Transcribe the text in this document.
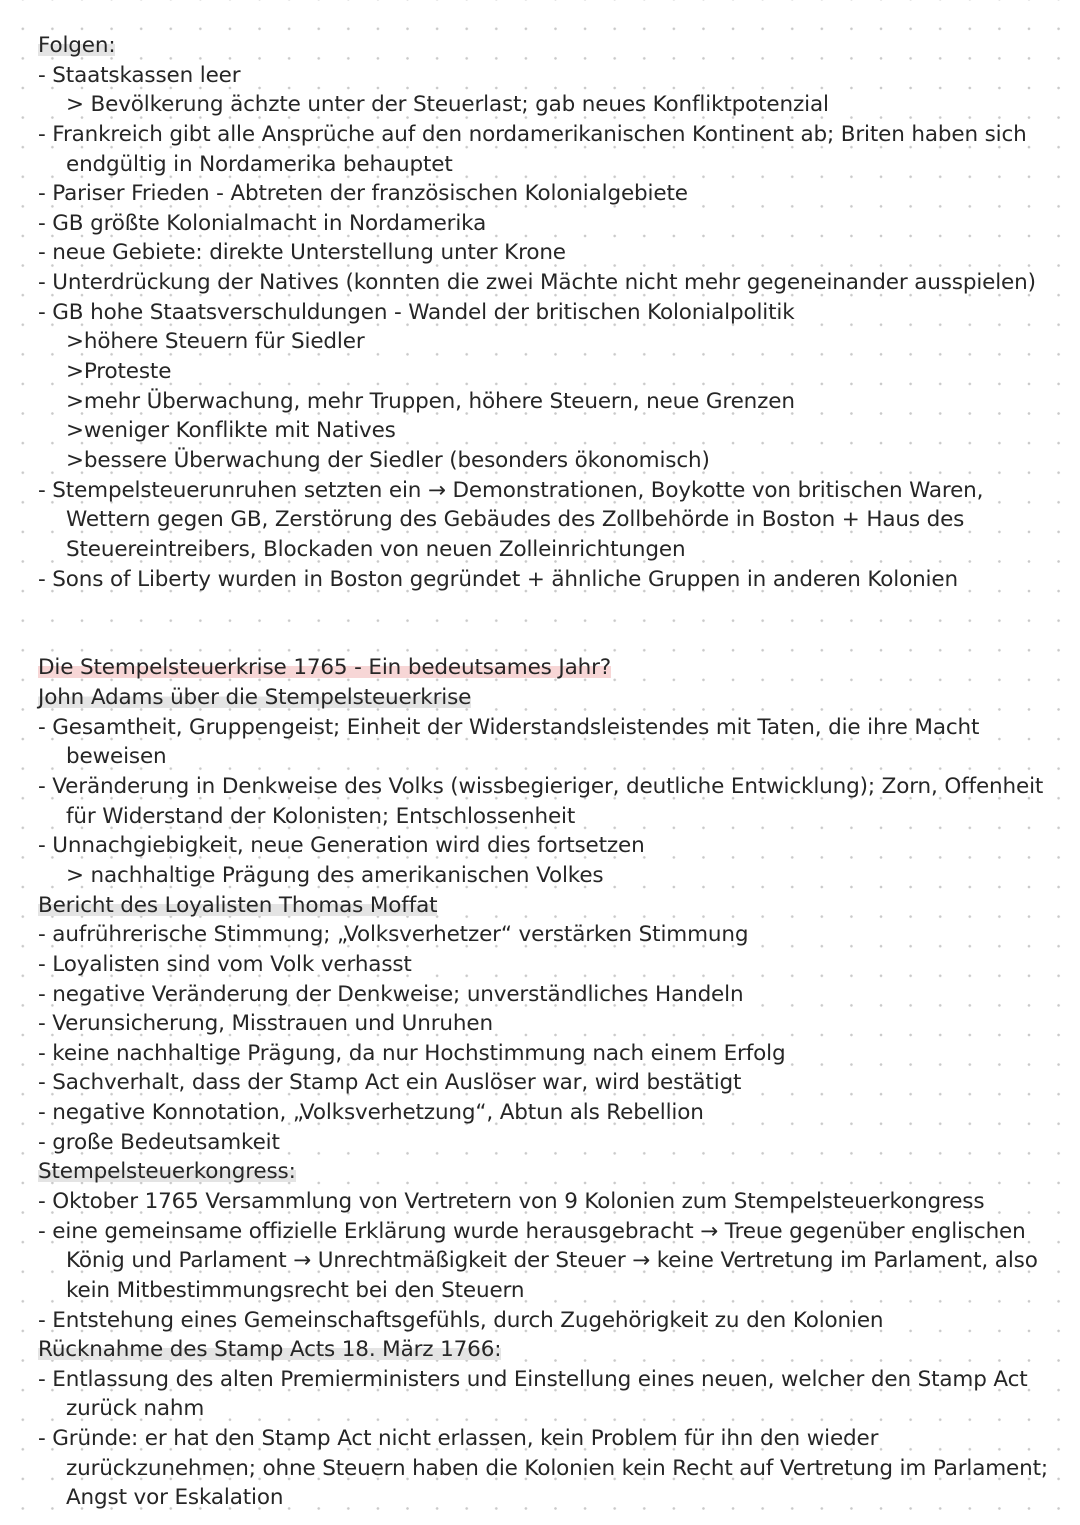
Folgen:
- Staatskassen leer
> Bevölkerung ächzte unter der Steuerlast; gab neues Konfliktpotenzial
- Frankreich gibt alle Ansprüche auf den nordamerikanischen Kontinent ab; Briten haben sich
endgültig in Nordamerika behauptet
- Pariser Frieden - Abtreten der französischen Kolonialgebiete
- GB größte Kolonialmacht in Nordamerika
- neue Gebiete: direkte Unterstellung unter Krone
- Unterdrückung der Natives (konnten die zwei Mächte nicht mehr gegeneinander ausspielen)
- GB hohe Staatsverschuldungen - Wandel der britischen Kolonialpolitik
>höhere Steuern für Siedler
>Proteste
>mehr Überwachung, mehr Truppen, höhere Steuern, neue Grenzen
>weniger Konflikte mit Natives
>bessere Überwachung der Siedler (besonders ökonomisch)
- Stempelsteuerunruhen setzten ein → Demonstrationen, Boykotte von britischen Waren,
Wettern gegen GB, Zerstörung des Gebäudes des Zollbehörde in Boston + Haus des
Steuereintreibers, Blockaden von neuen Zolleinrichtungen
- Sons of Liberty wurden in Boston gegründet + ähnliche Gruppen in anderen Kolonien
Die Stempelsteuerkrise 1765 - Ein bedeutsames Jahr?
John Adams über die Stempelsteuerkrise
- Gesamtheit, Gruppengeist; Einheit der Widerstandsleistendes mit Taten, die ihre Macht
beweisen
- Veränderung in Denkweise des Volks (wissbegieriger, deutliche Entwicklung); Zorn, Offenheit
für Widerstand der Kolonisten; Entschlossenheit
- Unnachgiebigkeit, neue Generation wird dies fortsetzen
> nachhaltige Prägung des amerikanischen Volkes
Bericht des Loyalisten Thomas Moffat
- aufrührerische Stimmung; „Volksverhetzer“ verstärken Stimmung
- Loyalisten sind vom Volk verhasst
- negative Veränderung der Denkweise; unverständliches Handeln
- Verunsicherung, Misstrauen und Unruhen
- keine nachhaltige Prägung, da nur Hochstimmung nach einem Erfolg
- Sachverhalt, dass der Stamp Act ein Auslöser war, wird bestätigt
- negative Konnotation, „Volksverhetzung“, Abtun als Rebellion
- große Bedeutsamkeit
Stempelsteuerkongress:
- Oktober 1765 Versammlung von Vertretern von 9 Kolonien zum Stempelsteuerkongress
- eine gemeinsame offizielle Erklärung wurde herausgebracht → Treue gegenüber englischen
König und Parlament → Unrechtmäßigkeit der Steuer → keine Vertretung im Parlament, also
kein Mitbestimmungsrecht bei den Steuern
- Entstehung eines Gemeinschaftsgefühls, durch Zugehörigkeit zu den Kolonien
Rücknahme des Stamp Acts 18. März 1766:
- Entlassung des alten Premierministers und Einstellung eines neuen, welcher den Stamp Act
zurück nahm
- Gründe: er hat den Stamp Act nicht erlassen, kein Problem für ihn den wieder
zurückzunehmen; ohne Steuern haben die Kolonien kein Recht auf Vertretung im Parlament;
Angst vor Eskalation
